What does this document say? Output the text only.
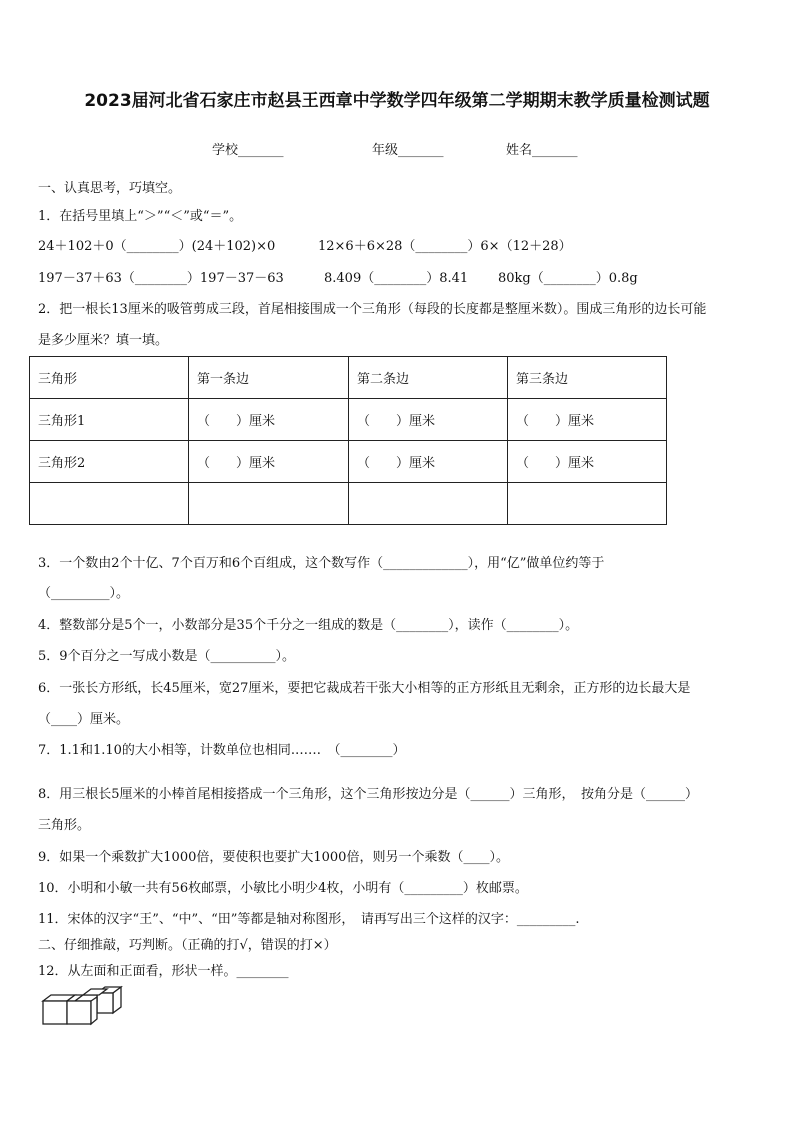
2023届河北省石家庄市赵县王西章中学数学四年级第二学期期末教学质量检测试题
学校_______	年级_______	姓名_______
一、认真思考，巧填空。
1．在括号里填上“＞”“＜”或“＝”。
24＋102＋0（________）(24＋102)×0	12×6＋6×28（________）6×（12＋28）
197－37＋63（________）197－37－63	8.409（________）8.41 80kg（________）0.8g
2．把一根长13厘米的吸管剪成三段，首尾相接围成一个三角形（每段的长度都是整厘米数）。围成三角形的边长可能
是多少厘米？填一填。
三角形	第一条边	第二条边	第三条边
三角形1	（　　）厘米	（　　）厘米	（　　）厘米
三角形2	（　　）厘米	（　　）厘米	（　　）厘米

3．一个数由2个十亿、7个百万和6个百组成，这个数写作（_____________），用“亿”做单位约等于
（_________）。
4．整数部分是5个一，小数部分是35个千分之一组成的数是（________），读作（________）。
5．9个百分之一写成小数是（__________）。
6．一张长方形纸，长45厘米，宽27厘米，要把它裁成若干张大小相等的正方形纸且无剩余，正方形的边长最大是
（____）厘米。
7．1.1和1.10的大小相等，计数单位也相同.……　（________）
8．用三根长5厘米的小棒首尾相接搭成一个三角形，这个三角形按边分是（______）三角形，　按角分是（______）
三角形。
9．如果一个乘数扩大1000倍，要使积也要扩大1000倍，则另一个乘数（____）。
10．小明和小敏一共有56枚邮票，小敏比小明少4枚，小明有（_________）枚邮票。
11．宋体的汉字“王”、“中”、“田”等都是轴对称图形，　请再写出三个这样的汉字：_________.
二、仔细推敲，巧判断。（正确的打√，错误的打×）
12．从左面和正面看，形状一样。________
